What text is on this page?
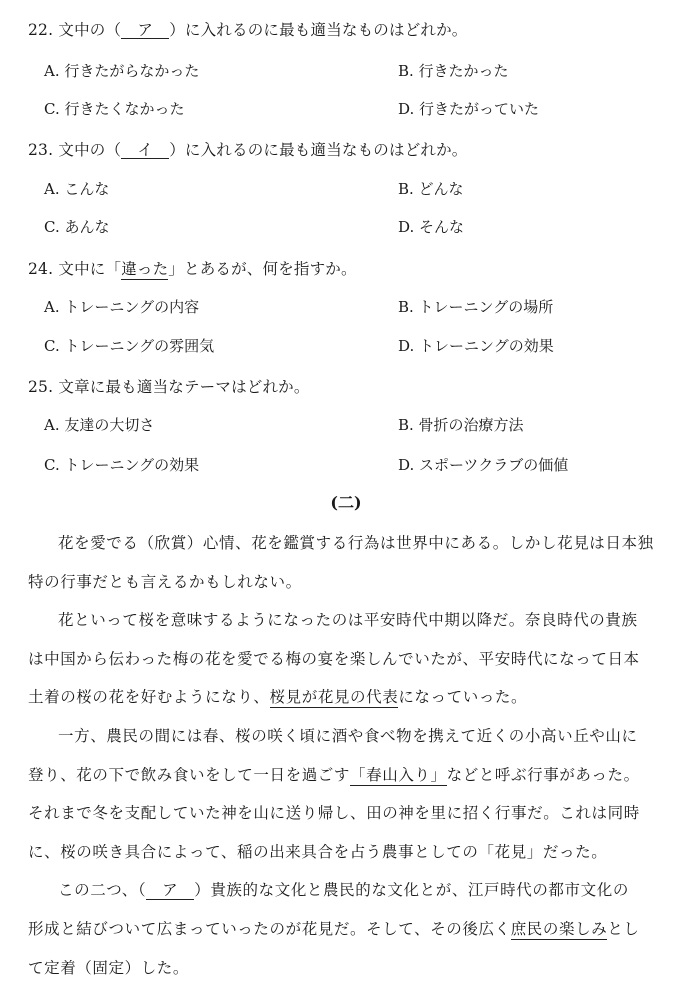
22. 文中の（ ア ）に入れるのに最も適当なものはどれか。
A. 行きたがらなかった	B. 行きたかった
C. 行きたくなかった	D. 行きたがっていた
23. 文中の（ イ ）に入れるのに最も適当なものはどれか。
A. こんな	B. どんな
C. あんな	D. そんな
24. 文中に「違った」とあるが、何を指すか。
A. トレーニングの内容	B. トレーニングの場所
C. トレーニングの雰囲気	D. トレーニングの効果
25. 文章に最も適当なテーマはどれか。
A. 友達の大切さ	B. 骨折の治療方法
C. トレーニングの効果	D. スポーツクラブの価値
(二)
花を愛でる（欣賞）心情、花を鑑賞する行為は世界中にある。しかし花見は日本独
特の行事だとも言えるかもしれない。
花といって桜を意味するようになったのは平安時代中期以降だ。奈良時代の貴族
は中国から伝わった梅の花を愛でる梅の宴を楽しんでいたが、平安時代になって日本
土着の桜の花を好むようになり、桜見が花見の代表になっていった。
一方、農民の間には春、桜の咲く頃に酒や食べ物を携えて近くの小高い丘や山に
登り、花の下で飲み食いをして一日を過ごす「春山入り」などと呼ぶ行事があった。
それまで冬を支配していた神を山に送り帰し、田の神を里に招く行事だ。これは同時
に、桜の咲き具合によって、稲の出来具合を占う農事としての「花見」だった。
この二つ、（ ア ）貴族的な文化と農民的な文化とが、江戸時代の都市文化の
形成と結びついて広まっていったのが花見だ。そして、その後広く庶民の楽しみとし
て定着（固定）した。
